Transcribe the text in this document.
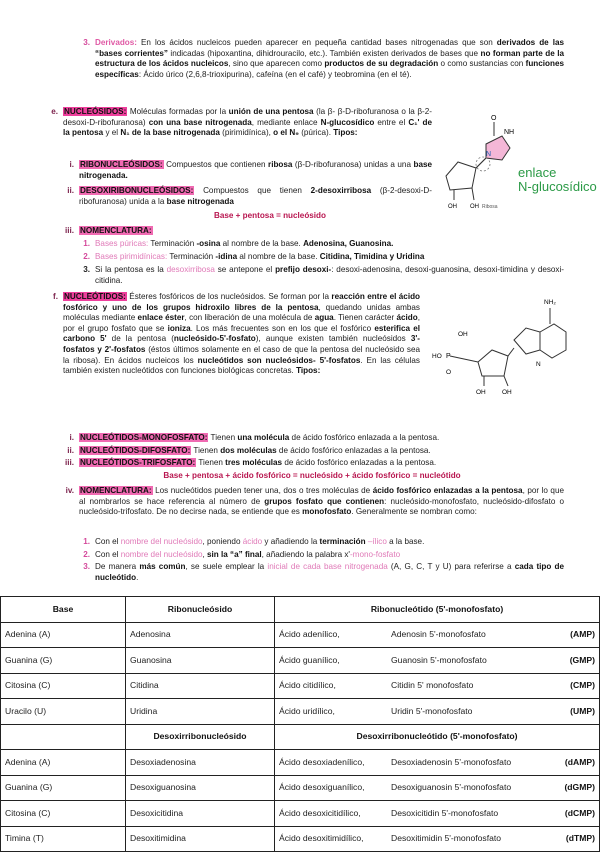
3. Derivados: En los ácidos nucleicos pueden aparecer en pequeña cantidad bases nitrogenadas que son derivados de las “bases corrientes” indicadas (hipoxantina, dihidrouracilo, etc.). También existen derivados de bases que no forman parte de la estructura de los ácidos nucleicos, sino que aparecen como productos de su degradación o como sustancias con funciones específicas: Ácido úrico (2,6,8-trioxipurina), cafeína (en el café) y teobromina (en el té).
e. NUCLEÓSIDOS: Moléculas formadas por la unión de una pentosa (la β- β-D-ribofuranosa o la β-2-desoxi-D-ribofuranosa) con una base nitrogenada, mediante enlace N-glucosídico entre el C₁' de la pentosa y el N₁ de la base nitrogenada (pirimidínica), o el N₉ (púrica). Tipos:
i. RIBONUCLEÓSIDOS: Compuestos que contienen ribosa (β-D-ribofuranosa) unidas a una base nitrogenada.
ii. DESOXIRIBONUCLEÓSIDOS: Compuestos que tienen 2-desoxirribosa (β-2-desoxi-D-ribofuranosa) unida a la base nitrogenada
Base + pentosa = nucleósido
iii. NOMENCLATURA:
1. Bases púricas: Terminación -osina al nombre de la base. Adenosina, Guanosina.
2. Bases pirimidínicas: Terminación -idina al nombre de la base. Citidina, Timidina y Uridina
3. Si la pentosa es la desoxirribosa se antepone el prefijo desoxi-: desoxi-adenosina, desoxi-guanosina, desoxi-timidina y desoxi-citidina.
O
NH
N
OH OH Ribosa
enlace
N-glucosídico
f. NUCLEÓTIDOS: Ésteres fosfóricos de los nucleósidos. Se forman por la reacción entre el ácido fosfórico y uno de los grupos hidroxilo libres de la pentosa, quedando unidas ambas moléculas mediante enlace éster, con liberación de una molécula de agua. Tienen carácter ácido, por el grupo fosfato que se ioniza. Los más frecuentes son en los que el fosfórico esterifica el carbono 5' de la pentosa (nucleósido-5'-fosfato), aunque existen también nucleósidos 3'-fosfatos y 2'-fosfatos (éstos últimos solamente en el caso de que la pentosa del nucleósido sea la ribosa). En ácidos nucleicos los nucleótidos son nucleósidos- 5'-fosfatos. En las células también existen nucleótidos con funciones biológicas concretas. Tipos:
OH
HO P
O
OH	OH
NH₂
N
i. NUCLEÓTIDOS-MONOFOSFATO: Tienen una molécula de ácido fosfórico enlazada a la pentosa.
ii. NUCLEÓTIDOS-DIFOSFATO: Tienen dos moléculas de ácido fosfórico enlazadas a la pentosa.
iii. NUCLEÓTIDOS-TRIFOSFATO: Tienen tres moléculas de ácido fosfórico enlazadas a la pentosa.
Base + pentosa + ácido fosfórico = nucleósido + ácido fosfórico = nucleótido
iv. NOMENCLATURA: Los nucleótidos pueden tener una, dos o tres moléculas de ácido fosfórico enlazadas a la pentosa, por lo que al nombrarlos se hace referencia al número de grupos fosfato que contienen: nucleósido-monofosfato, nucleósido-difosfato o nucleósido-trifosfato. De no decirse nada, se entiende que es monofosfato. Generalmente se nombran como:
1. Con el nombre del nucleósido, poniendo ácido y añadiendo la terminación –ílico a la base.
2. Con el nombre del nucleósido, sin la “a” final, añadiendo la palabra x'-mono-fosfato
3. De manera más común, se suele emplear la inicial de cada base nitrogenada (A, G, C, T y U) para referirse a cada tipo de nucleótido.
Base	Ribonucleósido	Ribonucleótido (5'-monofosfato)
Adenina (A)	Adenosina	Ácido adenílico, Adenosin 5'-monofosfato (AMP)

Guanina (G)	Guanosina	Ácido guanílico, Guanosin 5'-monofosfato (GMP)

Citosina (C)	Citidina	Ácido citidílico, Citidin 5' monofosfato (CMP)

Uracilo (U)	Uridina	Ácido uridílico, Uridin 5'-monofosfato (UMP)

	Desoxirribonucleósido	Desoxirribonucleótido (5'-monofosfato)
Adenina (A)	Desoxiadenosina	Ácido desoxiadenílico, Desoxiadenosin 5'-monofosfato (dAMP)

Guanina (G)	Desoxiguanosina	Ácido desoxiguanílico, Desoxiguanosin 5'-monofosfato (dGMP)

Citosina (C)	Desoxicitidina	Ácido desoxicitidílico, Desoxicitidin 5'-monofosfato (dCMP)

Timina (T)	Desoxitimidina	Ácido desoxitimidílico, Desoxitimidin 5'-monofosfato (dTMP)
